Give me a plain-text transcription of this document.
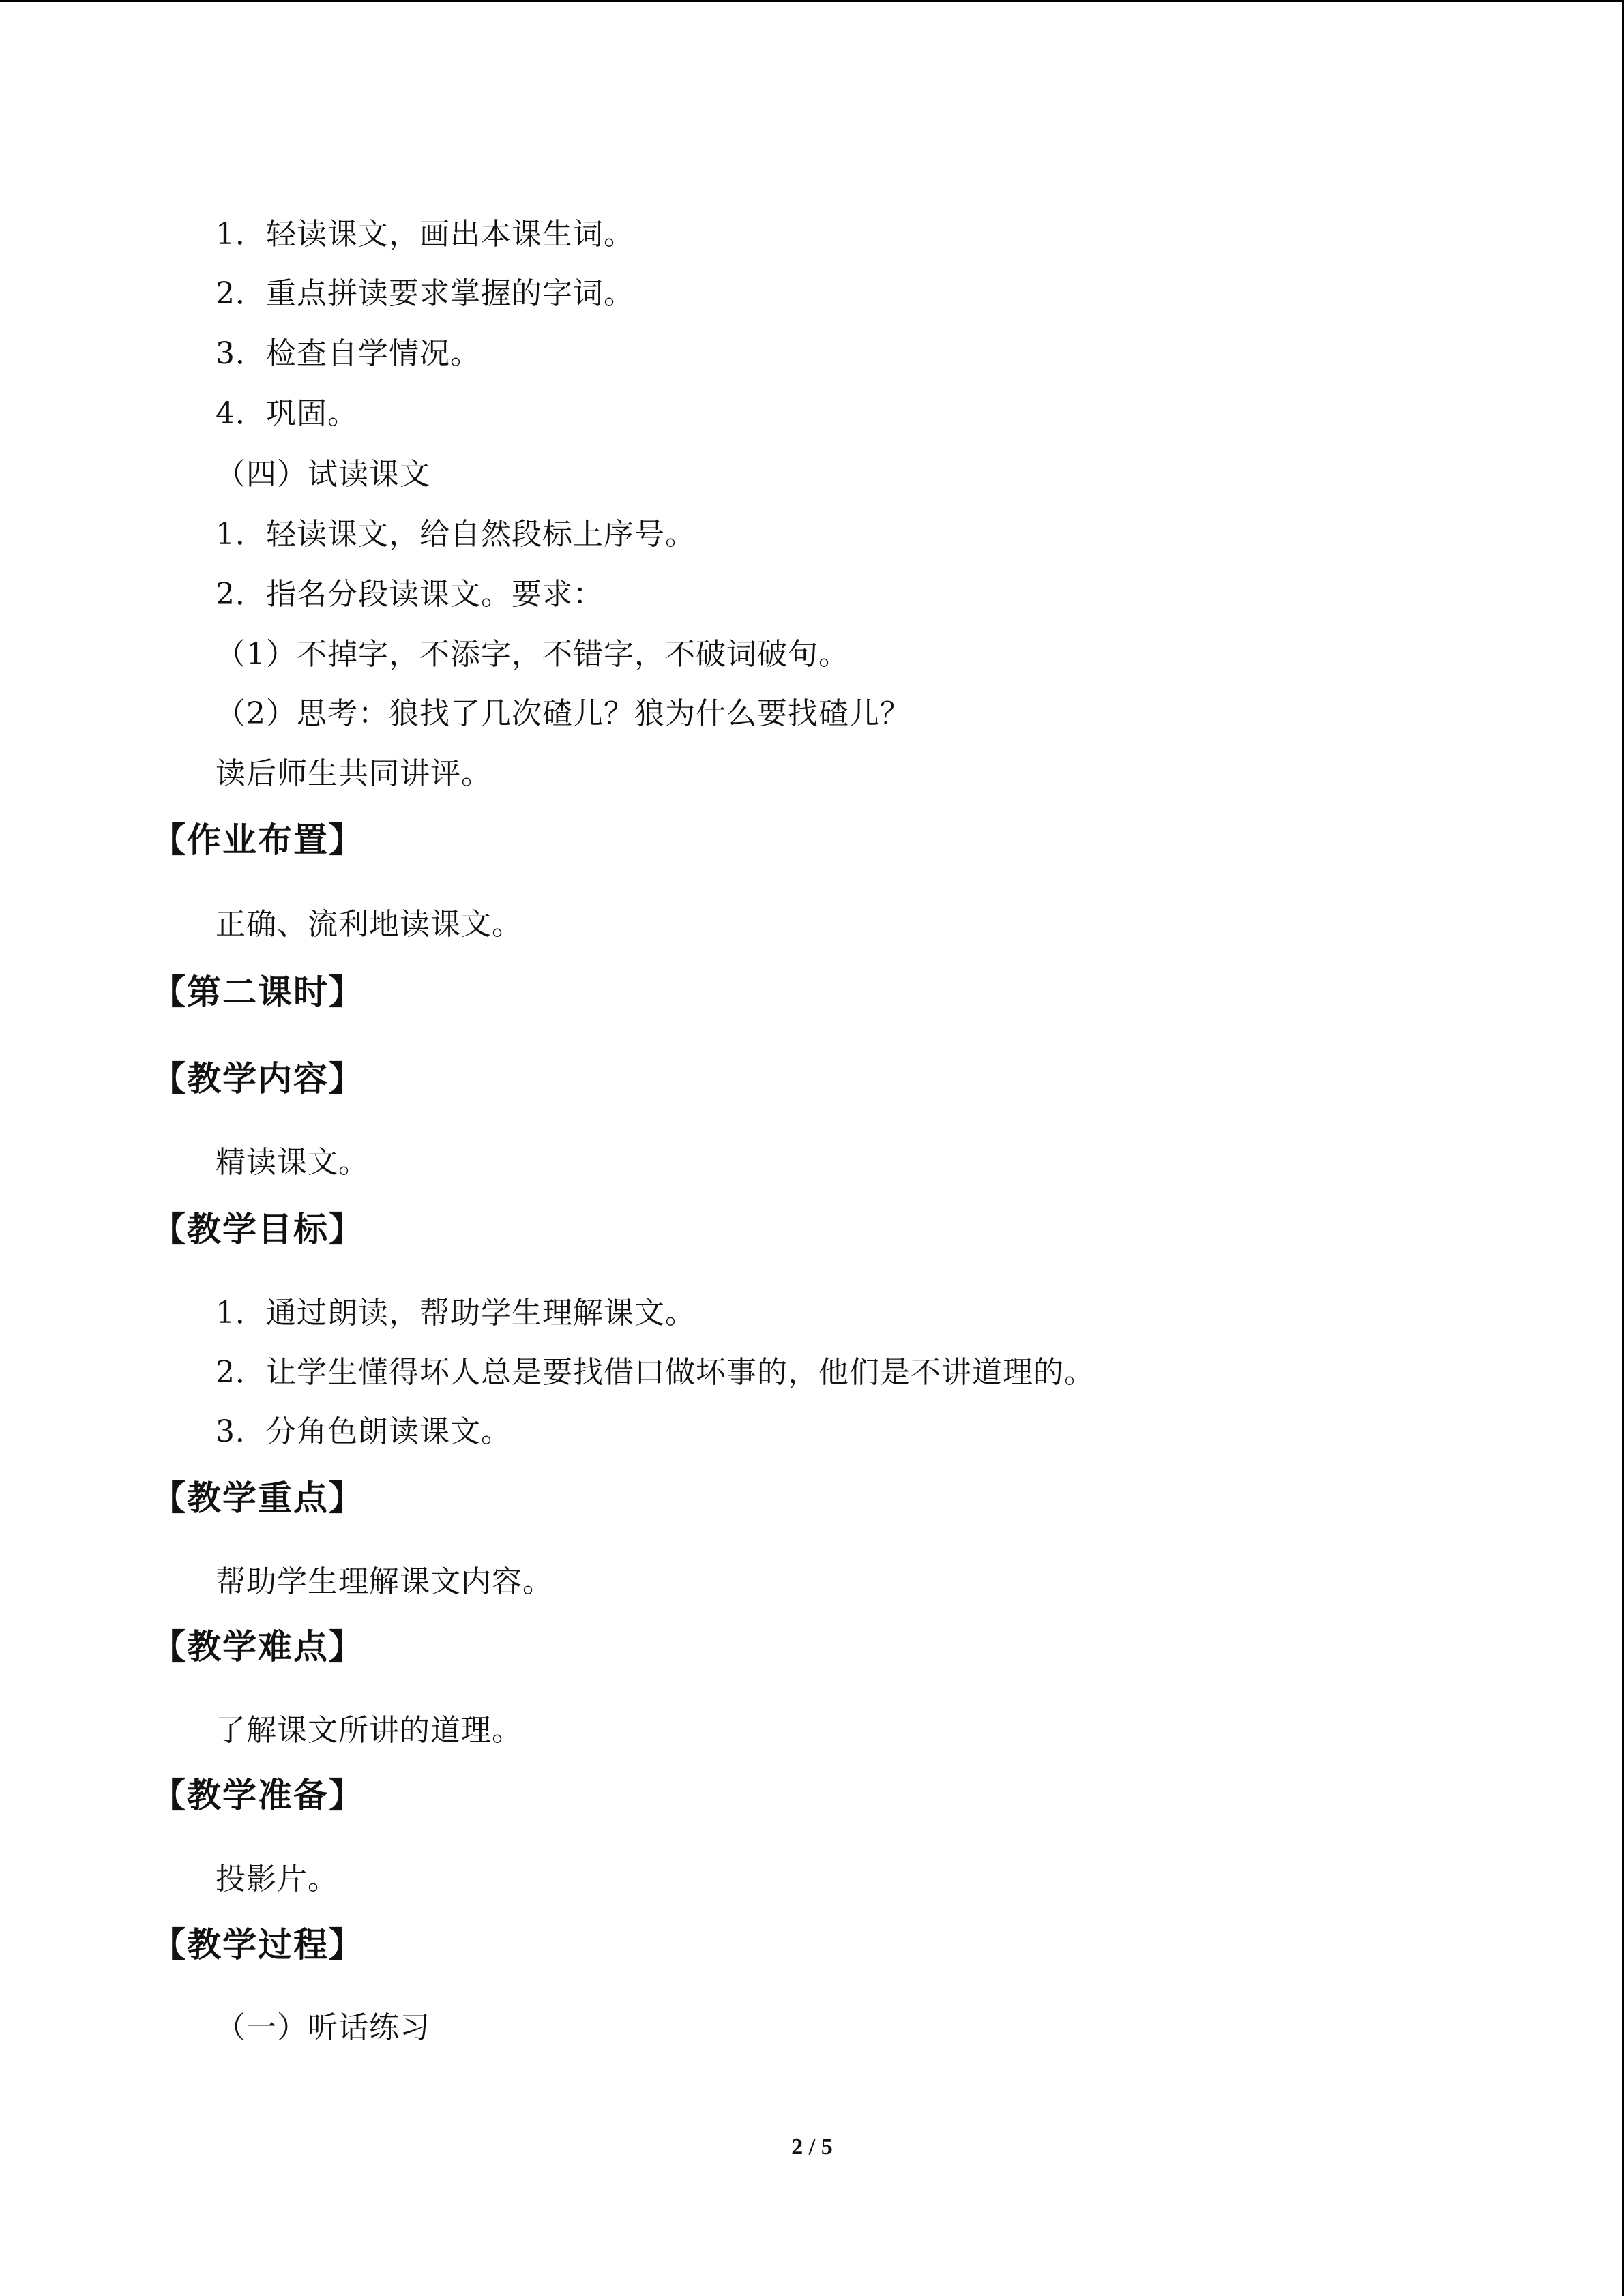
1．轻读课文，画出本课生词。
2．重点拼读要求掌握的字词。
3．检查自学情况。
4．巩固。
（四）试读课文
1．轻读课文，给自然段标上序号。
2．指名分段读课文。要求：
（1）不掉字，不添字，不错字，不破词破句。
（2）思考：狼找了几次碴儿？狼为什么要找碴儿？
读后师生共同讲评。
【作业布置】
正确、流利地读课文。
【第二课时】
【教学内容】
精读课文。
【教学目标】
1．通过朗读，帮助学生理解课文。
2．让学生懂得坏人总是要找借口做坏事的，他们是不讲道理的。
3．分角色朗读课文。
【教学重点】
帮助学生理解课文内容。
【教学难点】
了解课文所讲的道理。
【教学准备】
投影片。
【教学过程】
（一）听话练习
2 / 5
